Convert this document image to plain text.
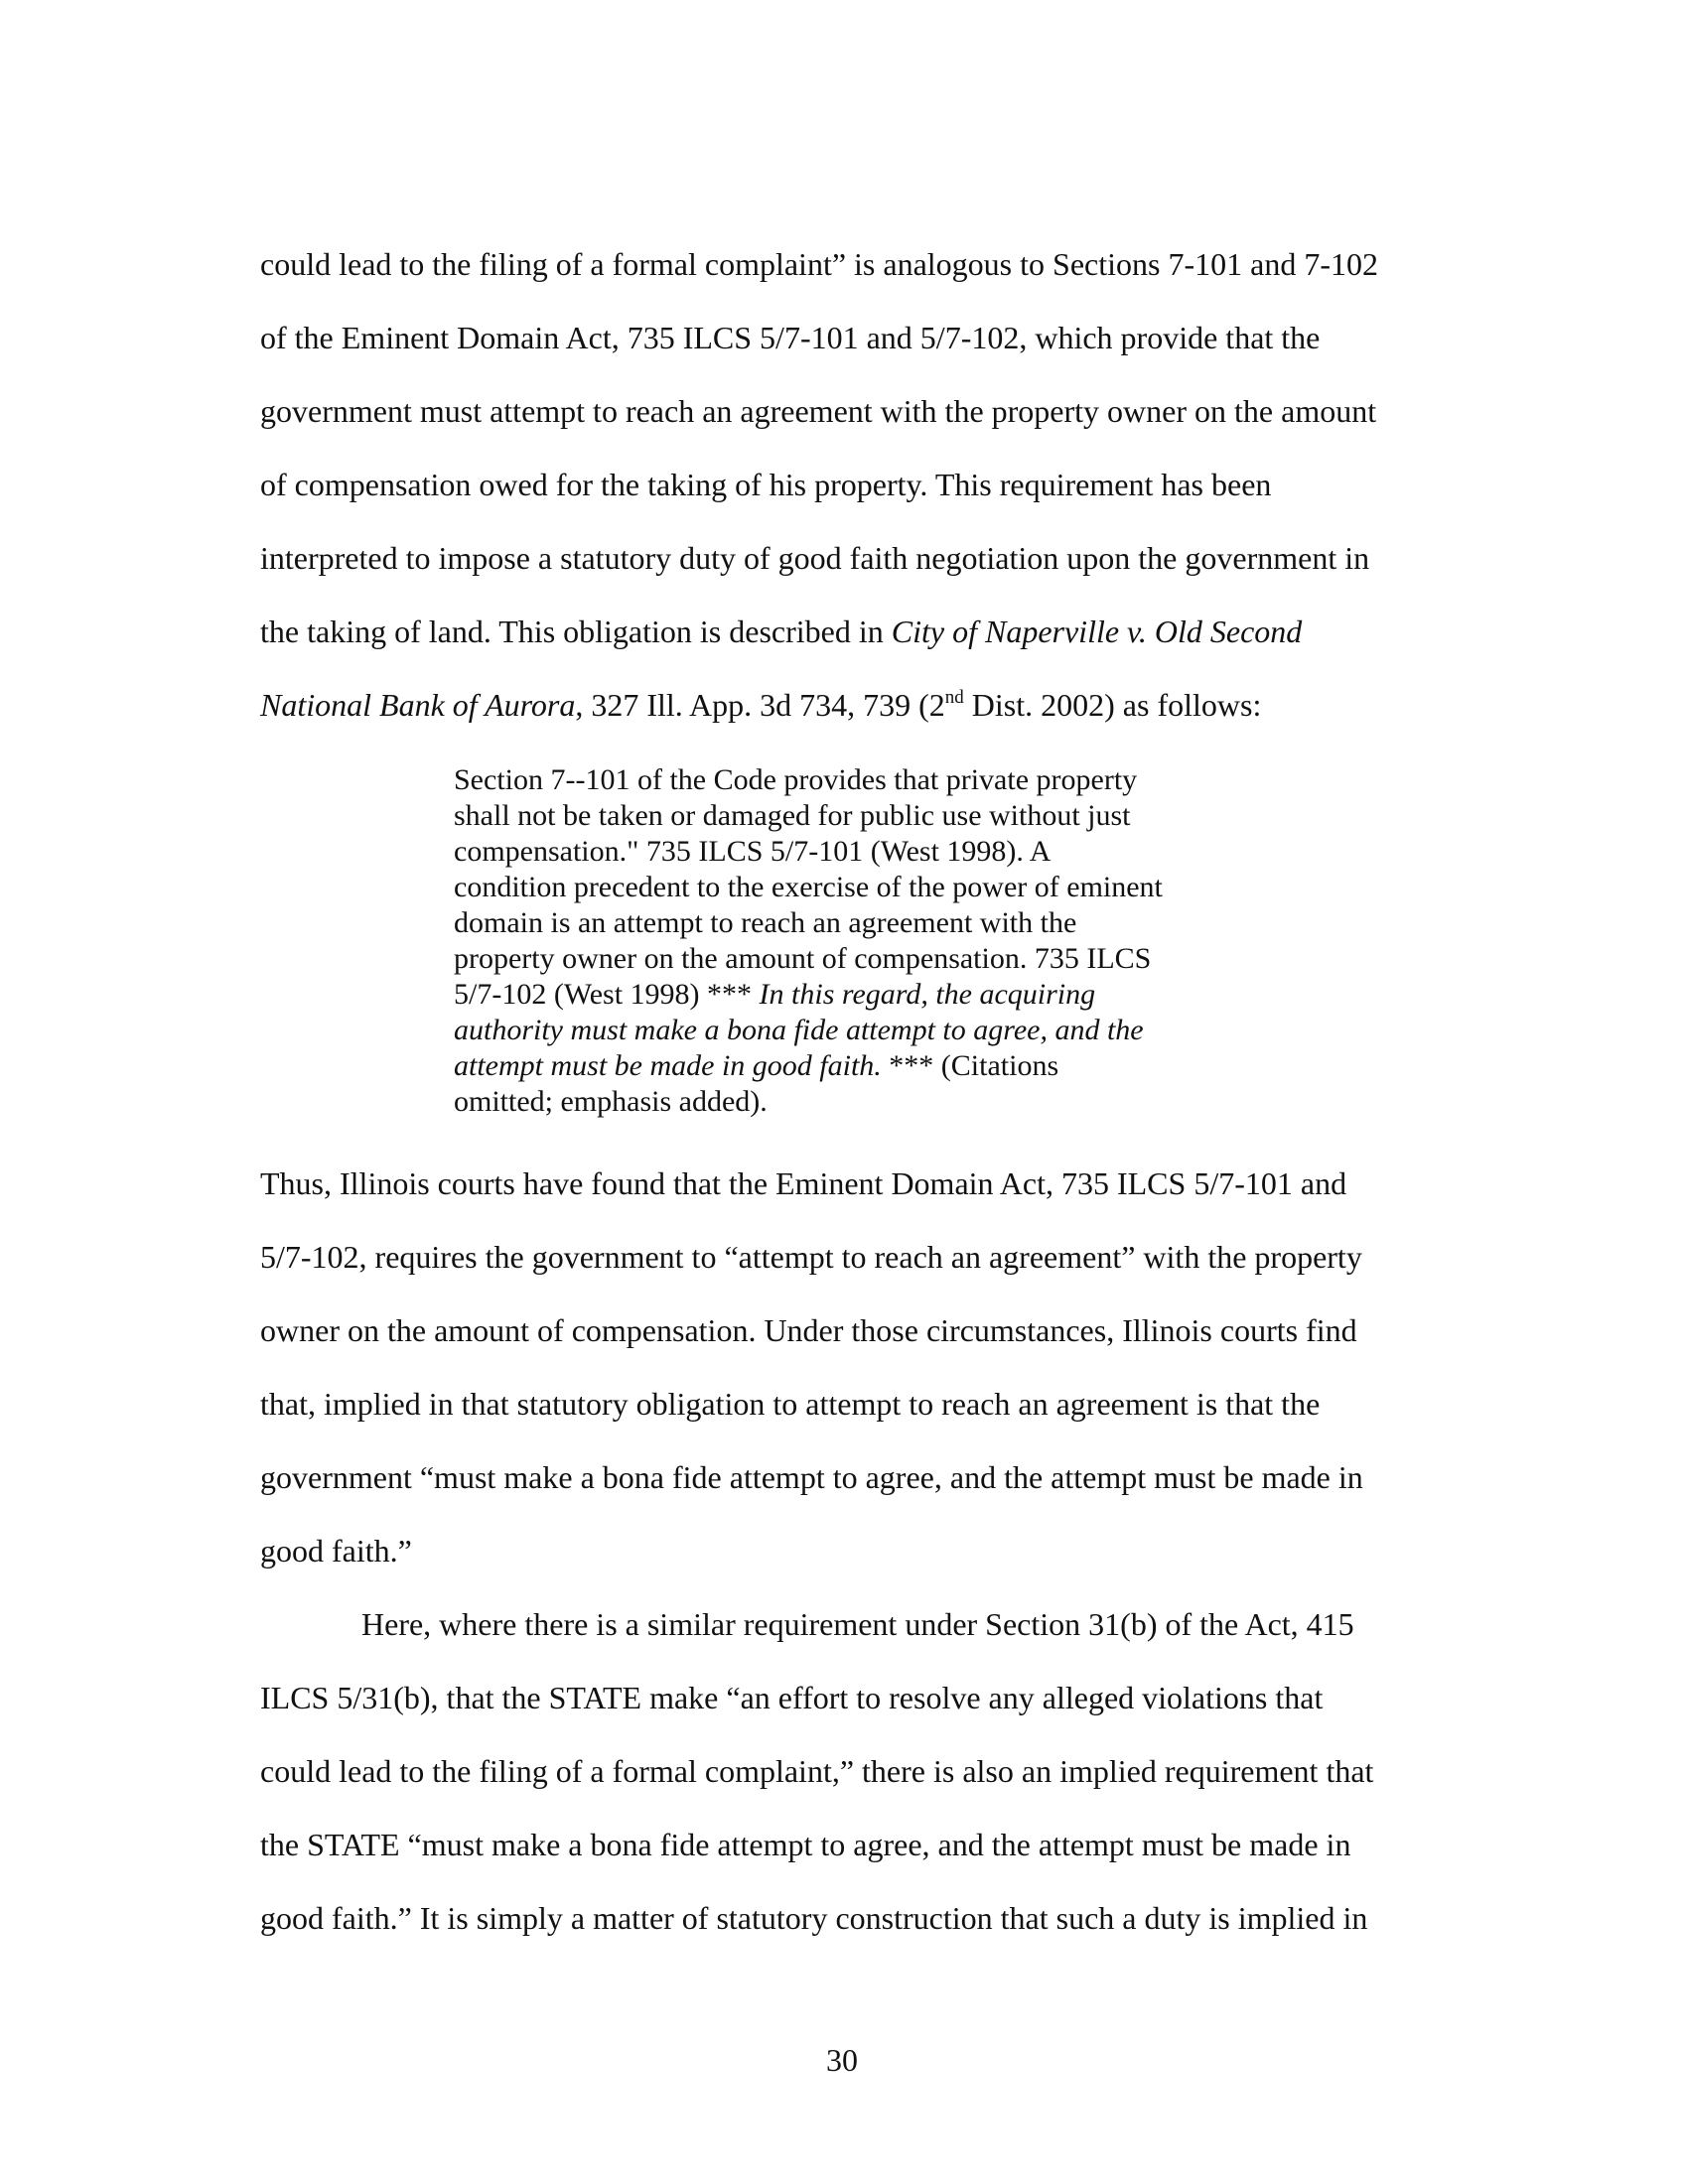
could lead to the filing of a formal complaint” is analogous to Sections 7-101 and 7-102
of the Eminent Domain Act, 735 ILCS 5/7-101 and 5/7-102, which provide that the
government must attempt to reach an agreement with the property owner on the amount
of compensation owed for the taking of his property. This requirement has been
interpreted to impose a statutory duty of good faith negotiation upon the government in
the taking of land. This obligation is described in City of Naperville v. Old Second
National Bank of Aurora, 327 Ill. App. 3d 734, 739 (2nd Dist. 2002) as follows:
Section 7--101 of the Code provides that private property
shall not be taken or damaged for public use without just
compensation." 735 ILCS 5/7-101 (West 1998). A
condition precedent to the exercise of the power of eminent
domain is an attempt to reach an agreement with the
property owner on the amount of compensation. 735 ILCS
5/7-102 (West 1998) *** In this regard, the acquiring
authority must make a bona fide attempt to agree, and the
attempt must be made in good faith. *** (Citations
omitted; emphasis added).
Thus, Illinois courts have found that the Eminent Domain Act, 735 ILCS 5/7-101 and
5/7-102, requires the government to “attempt to reach an agreement” with the property
owner on the amount of compensation. Under those circumstances, Illinois courts find
that, implied in that statutory obligation to attempt to reach an agreement is that the
government “must make a bona fide attempt to agree, and the attempt must be made in
good faith.”
Here, where there is a similar requirement under Section 31(b) of the Act, 415
ILCS 5/31(b), that the STATE make “an effort to resolve any alleged violations that
could lead to the filing of a formal complaint,” there is also an implied requirement that
the STATE “must make a bona fide attempt to agree, and the attempt must be made in
good faith.” It is simply a matter of statutory construction that such a duty is implied in
30
